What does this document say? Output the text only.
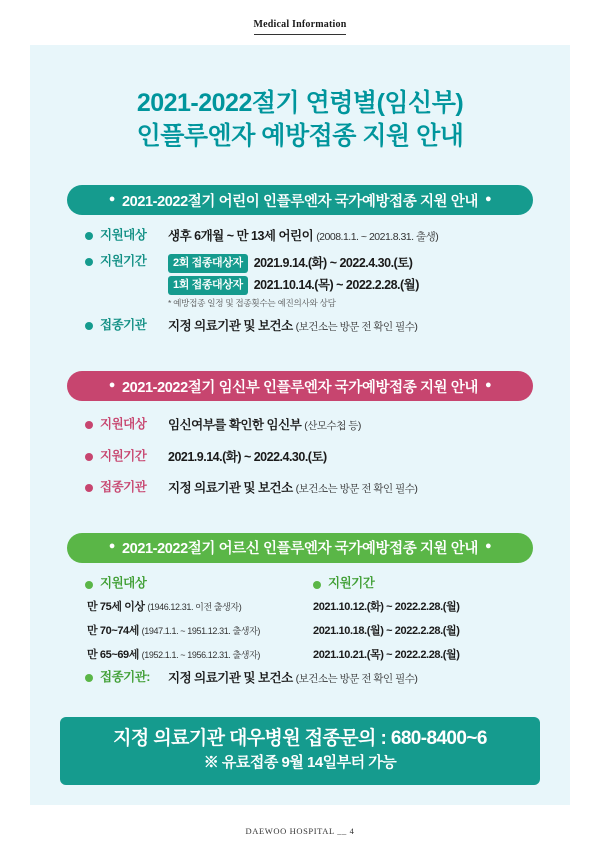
Medical Information
2021-2022절기 연령별(임신부)
인플루엔자 예방접종 지원 안내
● 2021-2022절기 어린이 인플루엔자 국가예방접종 지원 안내 ●
지원대상	생후 6개월 ~ 만 13세 어린이 (2008.1.1. ~ 2021.8.31. 출생)
지원기간	2회 접종대상자 2021.9.14.(화) ~ 2022.4.30.(토)
1회 접종대상자 2021.10.14.(목) ~ 2022.2.28.(월)
* 예방접종 일정 및 접종횟수는 예진의사와 상담
접종기관	지정 의료기관 및 보건소 (보건소는 방문 전 확인 필수)
● 2021-2022절기 임신부 인플루엔자 국가예방접종 지원 안내 ●
지원대상	임신여부를 확인한 임신부 (산모수첩 등)
지원기간	2021.9.14.(화) ~ 2022.4.30.(토)
접종기관	지정 의료기관 및 보건소 (보건소는 방문 전 확인 필수)
● 2021-2022절기 어르신 인플루엔자 국가예방접종 지원 안내 ●
지원대상	지원기간
만 75세 이상 (1946.12.31. 이전 출생자)	2021.10.12.(화) ~ 2022.2.28.(월)
만 70~74세 (1947.1.1. ~ 1951.12.31. 출생자)	2021.10.18.(월) ~ 2022.2.28.(월)
만 65~69세 (1952.1.1. ~ 1956.12.31. 출생자)	2021.10.21.(목) ~ 2022.2.28.(월)
접종기관:	지정 의료기관 및 보건소 (보건소는 방문 전 확인 필수)
지정 의료기관 대우병원 접종문의 : 680-8400~6
※ 유료접종 9월 14일부터 가능
DAEWOO HOSPITAL __ 4
